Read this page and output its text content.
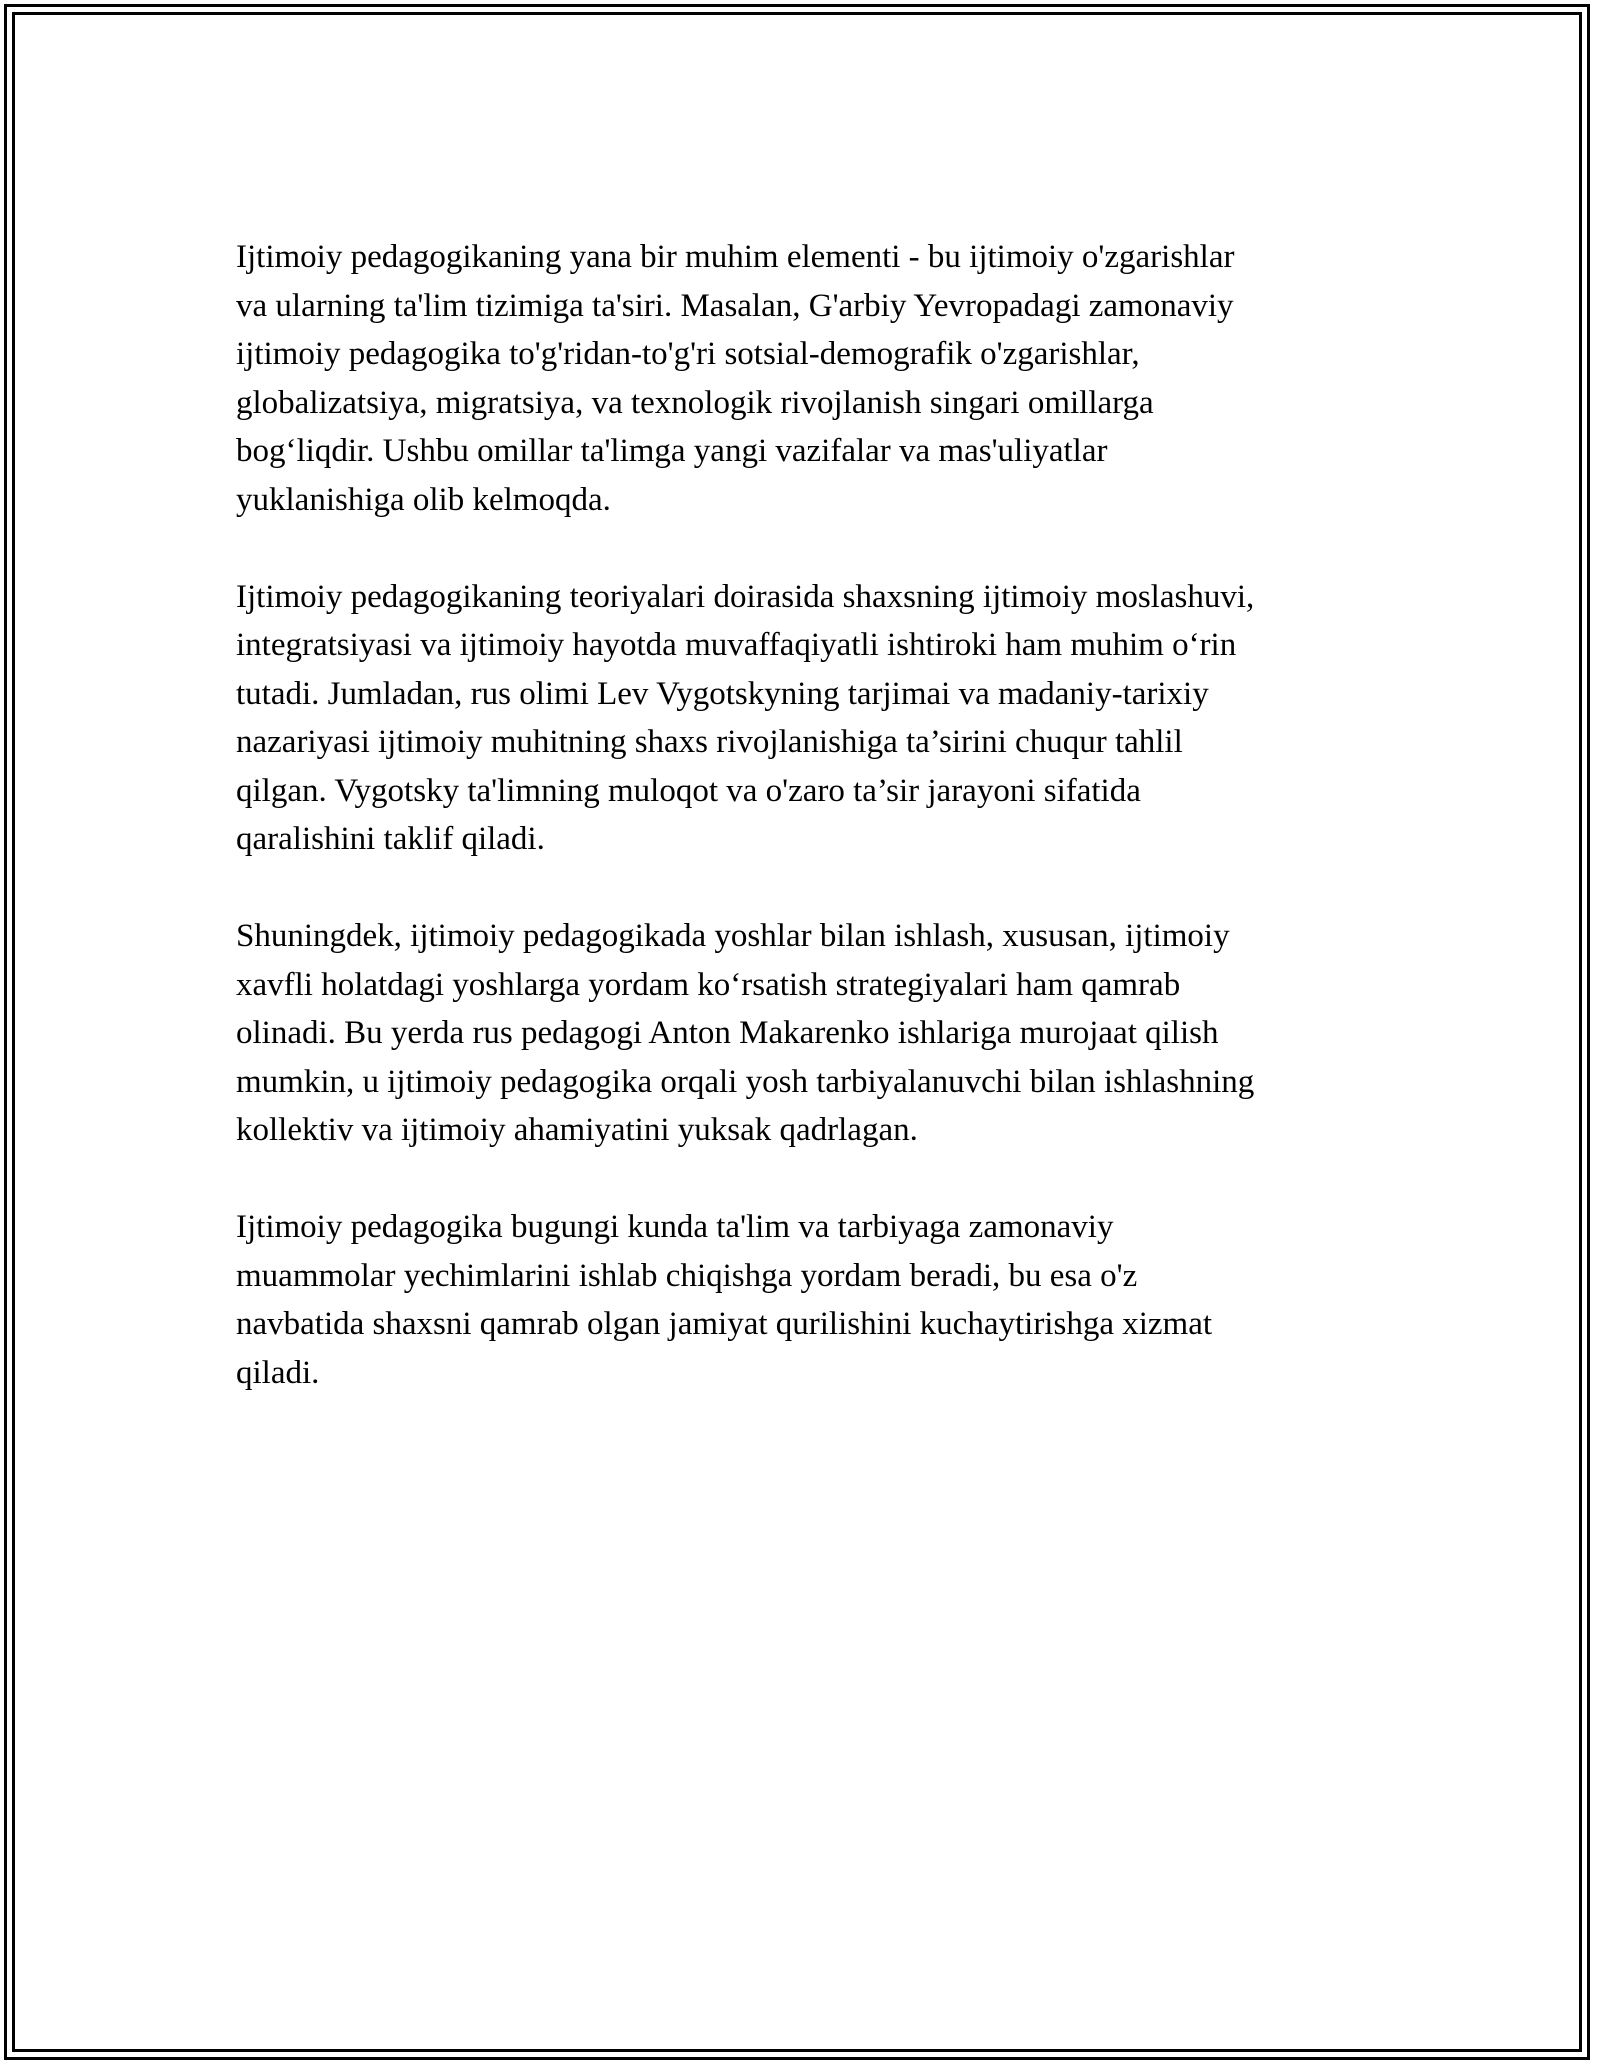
Ijtimoiy pedagogikaning yana bir muhim elementi - bu ijtimoiy o'zgarishlar
va ularning ta'lim tizimiga ta'siri. Masalan, G'arbiy Yevropadagi zamonaviy
ijtimoiy pedagogika to'g'ridan-to'g'ri sotsial-demografik o'zgarishlar,
globalizatsiya, migratsiya, va texnologik rivojlanish singari omillarga
bog‘liqdir. Ushbu omillar ta'limga yangi vazifalar va mas'uliyatlar
yuklanishiga olib kelmoqda.

Ijtimoiy pedagogikaning teoriyalari doirasida shaxsning ijtimoiy moslashuvi,
integratsiyasi va ijtimoiy hayotda muvaffaqiyatli ishtiroki ham muhim o‘rin
tutadi. Jumladan, rus olimi Lev Vygotskyning tarjimai va madaniy-tarixiy
nazariyasi ijtimoiy muhitning shaxs rivojlanishiga ta’sirini chuqur tahlil
qilgan. Vygotsky ta'limning muloqot va o'zaro ta’sir jarayoni sifatida
qaralishini taklif qiladi.

Shuningdek, ijtimoiy pedagogikada yoshlar bilan ishlash, xususan, ijtimoiy
xavfli holatdagi yoshlarga yordam ko‘rsatish strategiyalari ham qamrab
olinadi. Bu yerda rus pedagogi Anton Makarenko ishlariga murojaat qilish
mumkin, u ijtimoiy pedagogika orqali yosh tarbiyalanuvchi bilan ishlashning
kollektiv va ijtimoiy ahamiyatini yuksak qadrlagan.

Ijtimoiy pedagogika bugungi kunda ta'lim va tarbiyaga zamonaviy
muammolar yechimlarini ishlab chiqishga yordam beradi, bu esa o'z
navbatida shaxsni qamrab olgan jamiyat qurilishini kuchaytirishga xizmat
qiladi.
